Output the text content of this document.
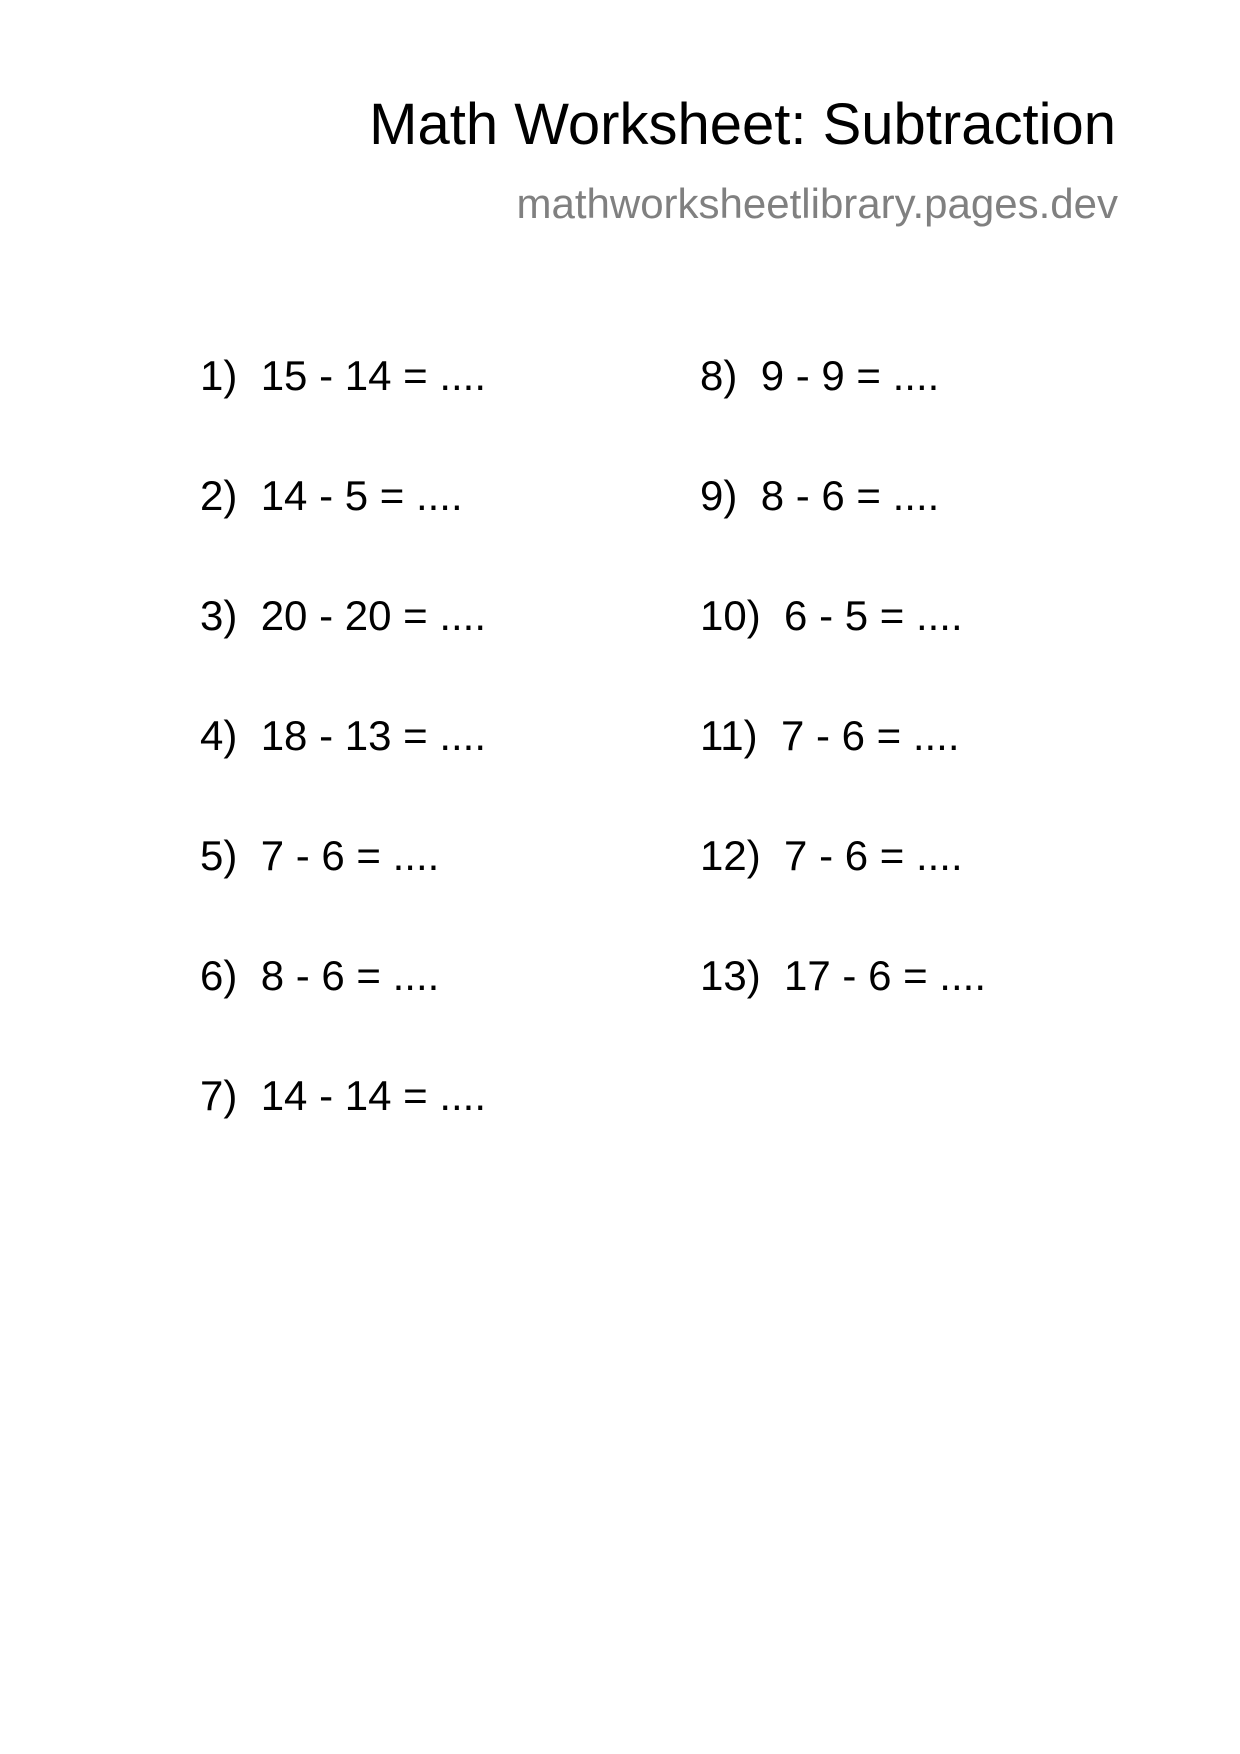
Math Worksheet: Subtraction
mathworksheetlibrary.pages.dev
1) 15 - 14 = ....
2) 14 - 5 = ....
3) 20 - 20 = ....
4) 18 - 13 = ....
5) 7 - 6 = ....
6) 8 - 6 = ....
7) 14 - 14 = ....
8) 9 - 9 = ....
9) 8 - 6 = ....
10) 6 - 5 = ....
11) 7 - 6 = ....
12) 7 - 6 = ....
13) 17 - 6 = ....
